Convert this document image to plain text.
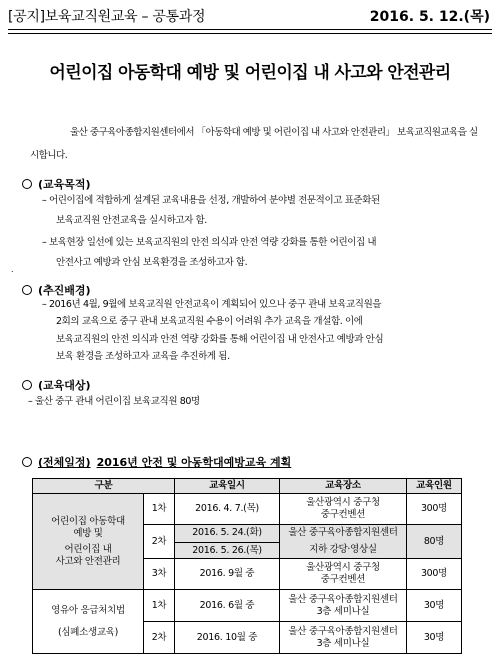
[공지]보육교직원교육 – 공통과정	2016. 5. 12.(목)
어린이집 아동학대 예방 및 어린이집 내 사고와 안전관리
울산 중구육아종합지원센터에서 「아동학대 예방 및 어린이집 내 사고와 안전관리」 보육교직원교육을 실시합니다.
(교육목적)
– 어린이집에 적합하게 설계된 교육내용을 선정, 개발하여 분야별 전문적이고 표준화된
보육교직원 안전교육을 실시하고자 함.
– 보육현장 일선에 있는 보육교직원의 안전 의식과 안전 역량 강화를 통한 어린이집 내
안전사고 예방과 안심 보육환경을 조성하고자 함.
.
(추진배경)
– 2016년 4월, 9월에 보육교직원 안전교육이 계획되어 있으나 중구 관내 보육교직원을
2회의 교육으로 중구 관내 보육교직원 수용이 어려워 추가 교육을 개설함. 이에
보육교직원의 안전 의식과 안전 역량 강화를 통해 어린이집 내 안전사고 예방과 안심
보육 환경을 조성하고자 교육을 추진하게 됨.
(교육대상)
– 울산 중구 관내 어린이집 보육교직원 80명
(전체일정) 2016년 안전 및 아동학대예방교육 계획
구분		교육일시	교육장소	교육인원

어린이집 아동학대
예방 및
어린이집 내
사고와 안전관리	1차	2016. 4. 7.(목)	울산광역시 중구청
중구컨벤션	300명
	2차	2016. 5. 24.(화)
2016. 5. 26.(목)	울산 중구육아종합지원센터
지하 강당·영상실	80명
	3차	2016. 9월 중	울산광역시 중구청
중구컨벤션	300명

영유아 응급처치법
(심폐소생교육)	1차	2016. 6월 중	울산 중구육아종합지원센터
3층 세미나실	30명
	2차	2016. 10월 중	울산 중구육아종합지원센터
3층 세미나실	30명
